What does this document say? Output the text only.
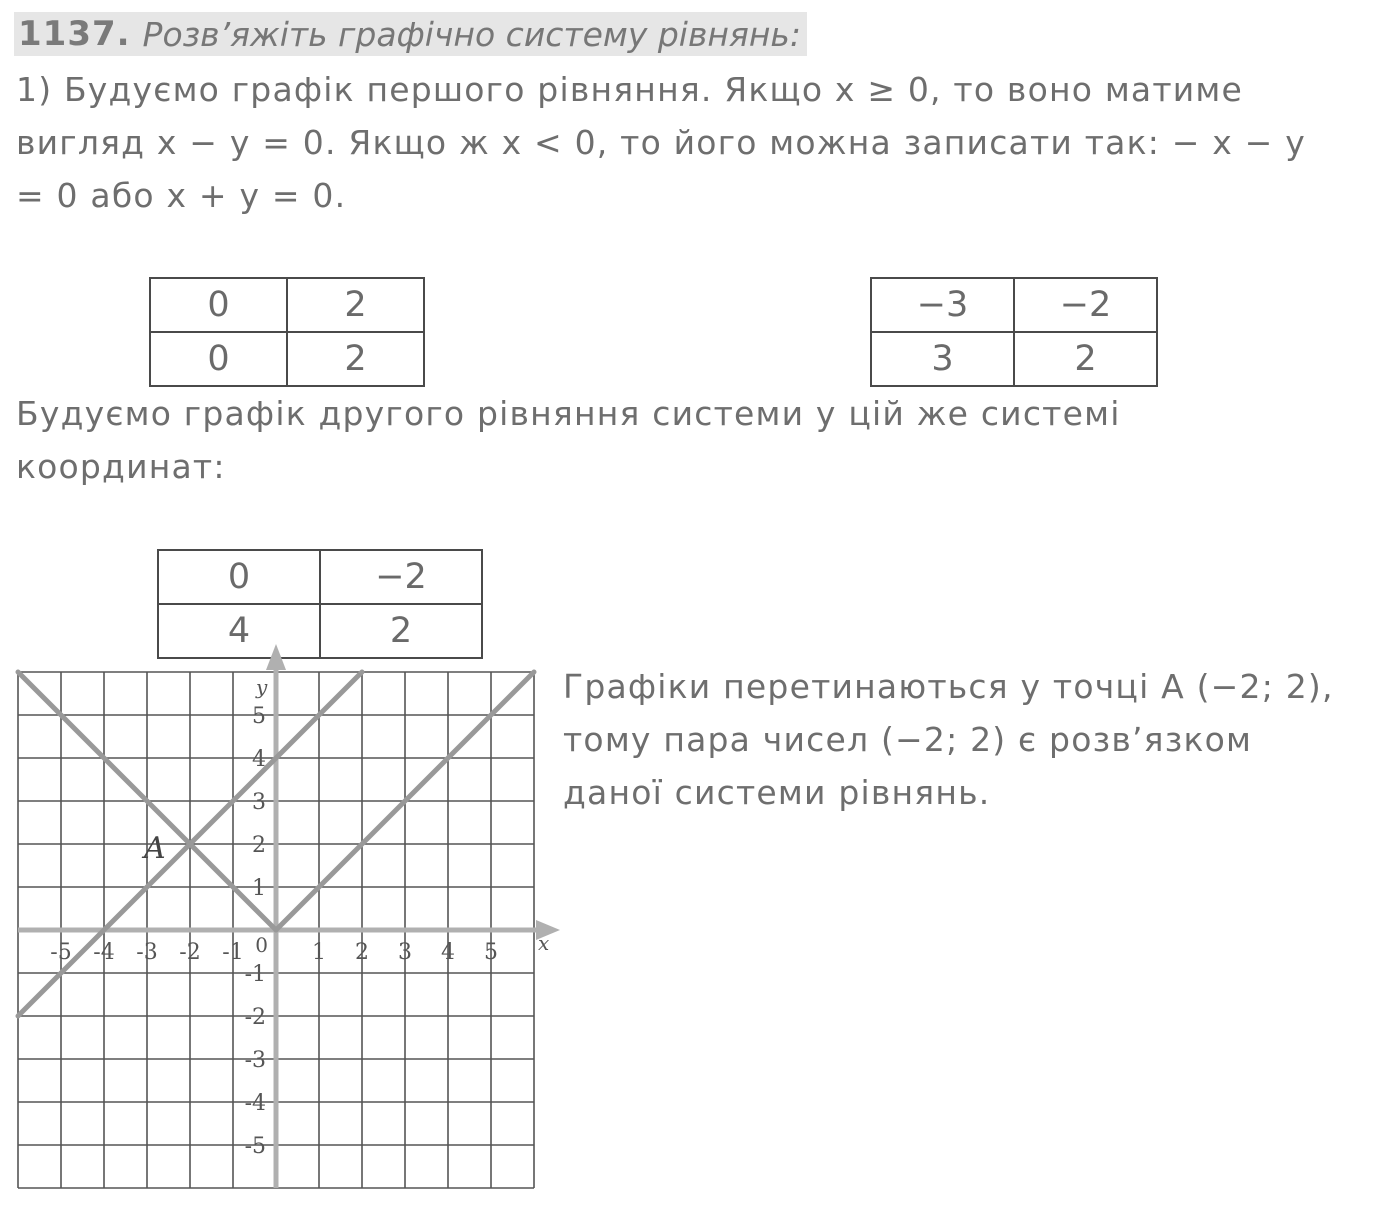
1137. Розв’яжіть графічно систему рівнянь:
1) Будуємо графік першого рівняння. Якщо x ≥ 0, то воно матиме
вигляд x − y = 0. Якщо ж x < 0, то його можна записати так: − x − y
= 0 або x + y = 0.
0	2
0	2
−3	−2
3	2
Будуємо графік другого рівняння системи у цій же системі
координат:
0	−2
4	2
Графіки перетинаються у точці A (−2; 2),
тому пара чисел (−2; 2) є розв’язком
даної системи рівнянь.
-5 -4 -3 -2 -1	1 2 3 4 5
5
4
3
2
1
-1
-2
-3
-4
-5
0	x
y
A
